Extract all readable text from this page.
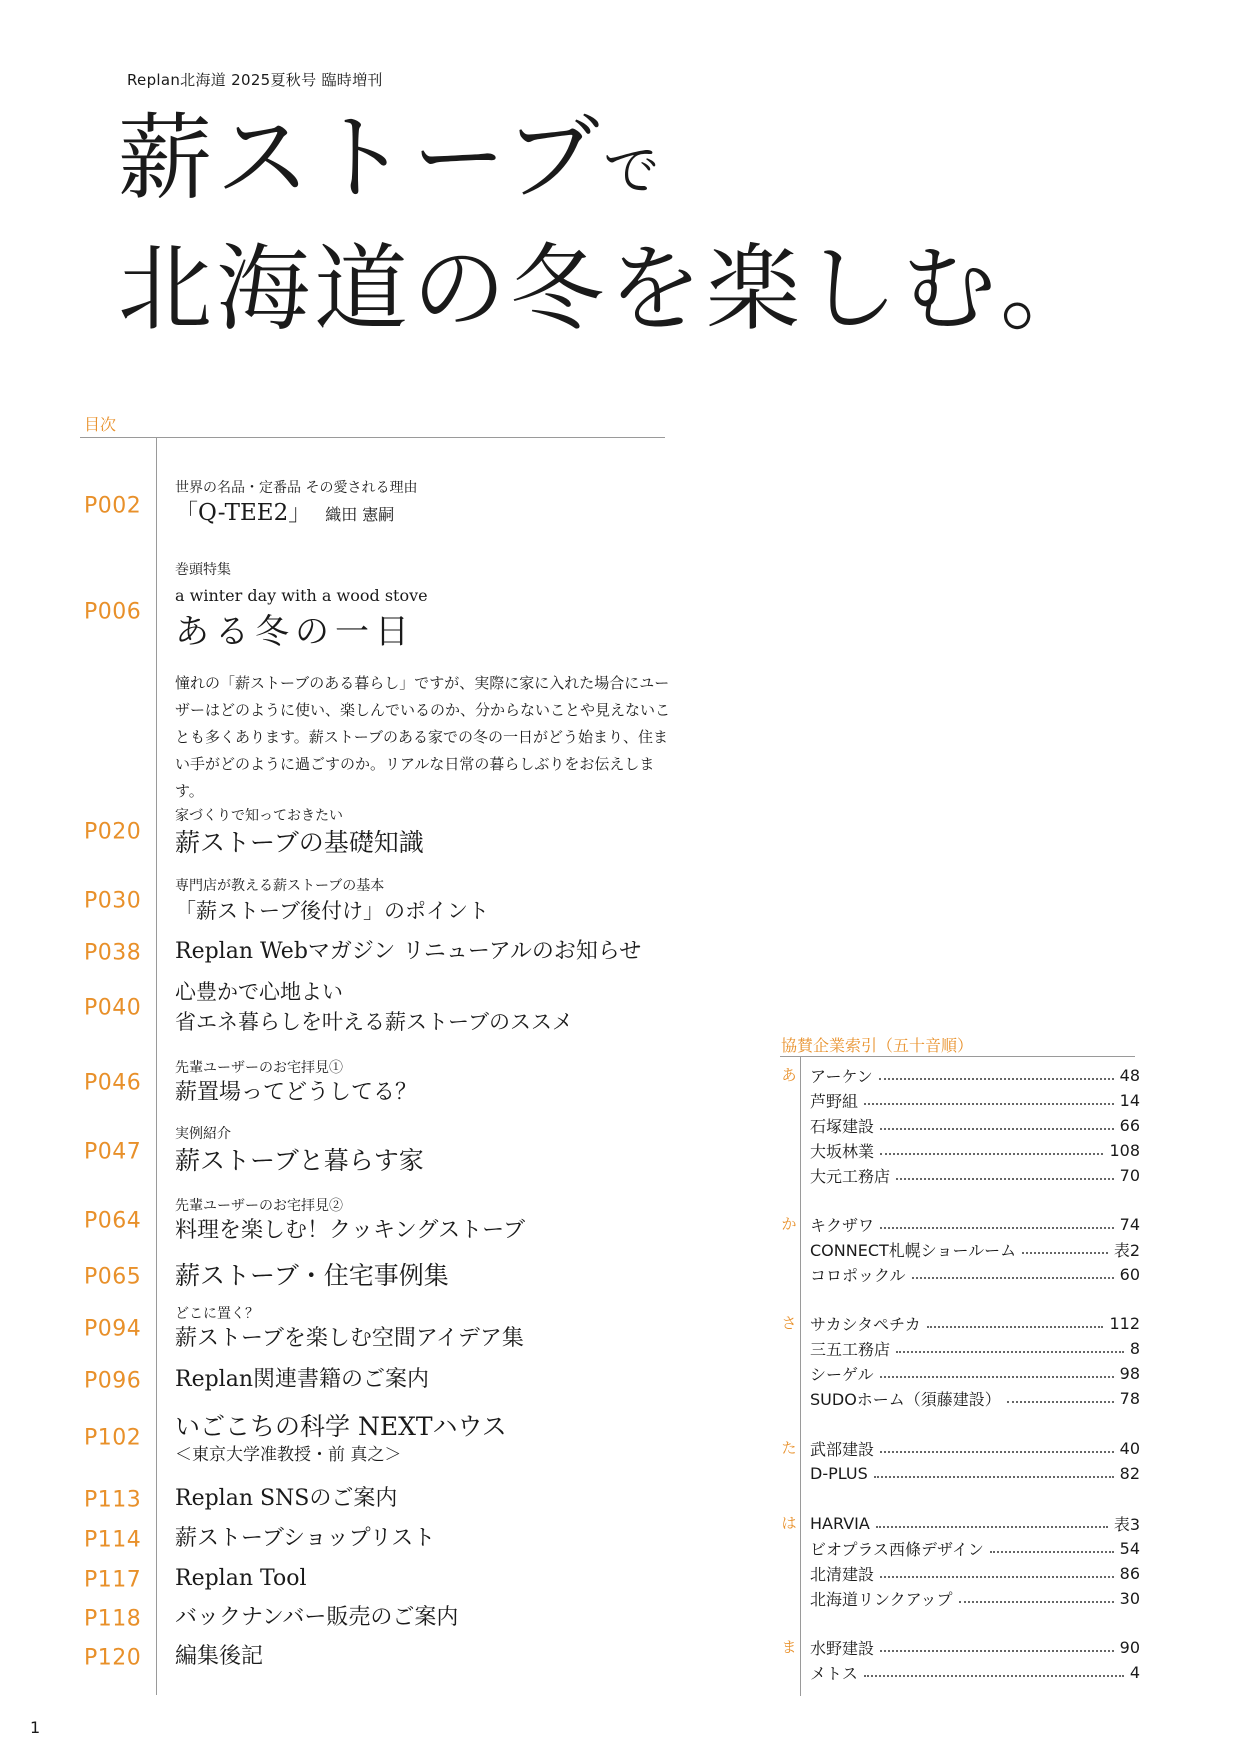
Replan北海道 2025夏秋号 臨時増刊
薪ストーブで
北海道の冬を楽しむ。
目次
P002
世界の名品・定番品 その愛される理由
「Q-TEE2」 織田 憲嗣
P006
巻頭特集
a winter day with a wood stove
ある冬の一日
憧れの「薪ストーブのある暮らし」ですが、実際に家に入れた場合にユーザーはどのように使い、楽しんでいるのか、分からないことや見えないことも多くあります。薪ストーブのある家での冬の一日がどう始まり、住まい手がどのように過ごすのか。リアルな日常の暮らしぶりをお伝えします。
P020
家づくりで知っておきたい
薪ストーブの基礎知識
P030
専門店が教える薪ストーブの基本
「薪ストーブ後付け」のポイント
P038 Replan Webマガジン リニューアルのお知らせ
P040
心豊かで心地よい
省エネ暮らしを叶える薪ストーブのススメ
P046
先輩ユーザーのお宅拝見①
薪置場ってどうしてる？
P047
実例紹介
薪ストーブと暮らす家
P064
先輩ユーザーのお宅拝見②
料理を楽しむ！クッキングストーブ
P065 薪ストーブ・住宅事例集
P094
どこに置く？
薪ストーブを楽しむ空間アイデア集
P096 Replan関連書籍のご案内
P102 いごこちの科学 NEXTハウス
＜東京大学准教授・前 真之＞
P113 Replan SNSのご案内
P114 薪ストーブショップリスト
P117 Replan Tool
P118 バックナンバー販売のご案内
P120 編集後記
協賛企業索引（五十音順）
あ アーケン	48
芦野組	14
石塚建設	66
大坂林業	108
大元工務店	70
か キクザワ	74
CONNECT札幌ショールーム	表2
コロポックル	60
さ サカシタペチカ	112
三五工務店	8
シーゲル	98
SUDOホーム（須藤建設）	78
た 武部建設	40
D-PLUS	82
は HARVIA	表3
ビオプラス西條デザイン	54
北清建設	86
北海道リンクアップ	30
ま 水野建設	90
メトス	4
1
